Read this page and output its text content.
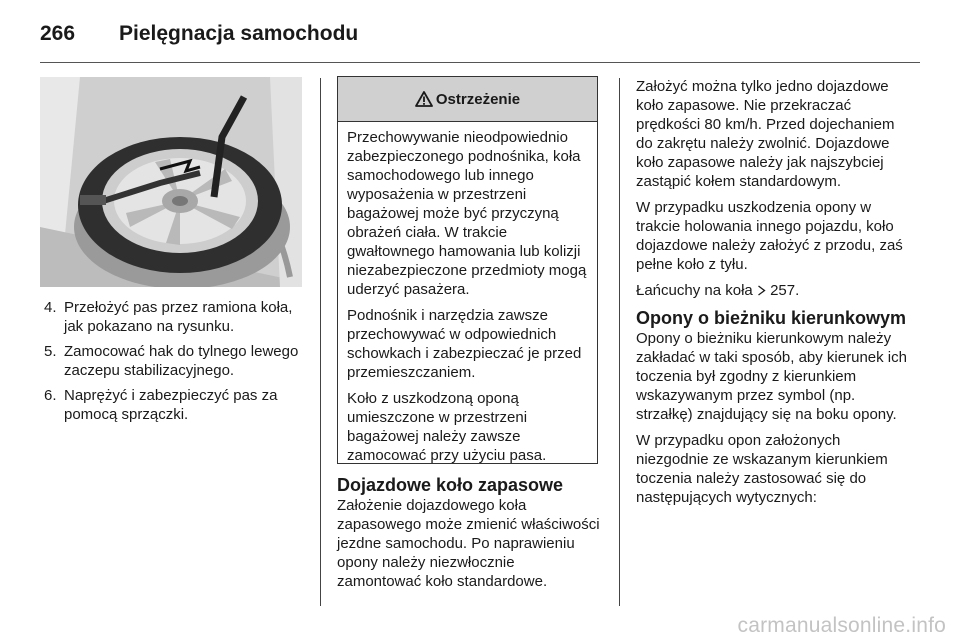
266 Pielęgnacja samochodu
4. Przełożyć pas przez ramiona koła, jak pokazano na rysunku.
5. Zamocować hak do tylnego lewego zaczepu stabilizacyjnego.
6. Naprężyć i zabezpieczyć pas za pomocą sprzączki.
Ostrzeżenie

Przechowywanie nieodpowiednio zabezpieczonego podnośnika, koła samochodowego lub innego wyposażenia w przestrzeni bagażowej może być przyczyną obrażeń ciała. W trakcie gwałtownego hamowania lub kolizji niezabezpieczone przedmioty mogą uderzyć pasażera.

Podnośnik i narzędzia zawsze przechowywać w odpowiednich schowkach i zabezpieczać je przed przemieszczaniem.

Koło z uszkodzoną oponą umieszczone w przestrzeni bagażowej należy zawsze zamocować przy użyciu pasa.

Dojazdowe koło zapasowe

Założenie dojazdowego koła zapasowego może zmienić właściwości jezdne samochodu. Po naprawieniu opony należy niezwłocznie zamontować koło standardowe.

Założyć można tylko jedno dojazdowe koło zapasowe. Nie przekraczać prędkości 80 km/h. Przed dojechaniem do zakrętu należy zwolnić. Dojazdowe koło zapasowe należy jak najszybciej zastąpić kołem standardowym.

W przypadku uszkodzenia opony w trakcie holowania innego pojazdu, koło dojazdowe należy założyć z przodu, zaś pełne koło z tyłu.

Łańcuchy na koła 257.

Opony o bieżniku kierunkowym

Opony o bieżniku kierunkowym należy zakładać w taki sposób, aby kierunek ich toczenia był zgodny z kierunkiem wskazywanym przez symbol (np. strzałkę) znajdujący się na boku opony.

W przypadku opon założonych niezgodnie ze wskazanym kierunkiem toczenia należy zastosować się do następujących wytycznych:

carmanualsonline.info
